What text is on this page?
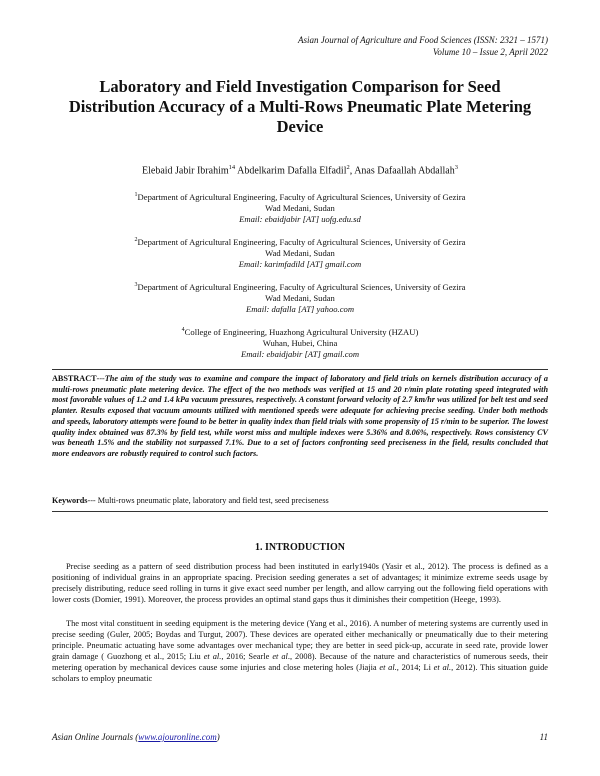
Asian Journal of Agriculture and Food Sciences (ISSN: 2321 – 1571)
Volume 10 – Issue 2, April 2022
Laboratory and Field Investigation Comparison for Seed Distribution Accuracy of a Multi-Rows Pneumatic Plate Metering Device
Elebaid Jabir Ibrahim$^{14}$ Abdelkarim Dafalla Elfadil$^2$, Anas Dafaallah Abdallah$^3$
$^1$Department of Agricultural Engineering, Faculty of Agricultural Sciences, University of Gezira
Wad Medani, Sudan
Email: ebaidjabir [AT] uofg.edu.sd
$^2$Department of Agricultural Engineering, Faculty of Agricultural Sciences, University of Gezira
Wad Medani, Sudan
Email: karimfadild [AT] gmail.com
$^3$Department of Agricultural Engineering, Faculty of Agricultural Sciences, University of Gezira
Wad Medani, Sudan
Email: dafalla [AT] yahoo.com
$^4$College of Engineering, Huazhong Agricultural University (HZAU)
Wuhan, Hubei, China
Email: ebaidjabir [AT] gmail.com

ABSTRACT---The aim of the study was to examine and compare the impact of laboratory and field trials on kernels distribution accuracy of a multi-rows pneumatic plate metering device. The effect of the two methods was verified at 15 and 20 r/min plate rotating speed integrated with most favorable values of 1.2 and 1.4 kPa vacuum pressures, respectively. A constant forward velocity of 2.7 km/hr was utilized for belt test and seed planter. Results exposed that vacuum amounts utilized with mentioned speeds were adequate for achieving precise seeding. Under both methods and speeds, laboratory attempts were found to be better in quality index than field trials with some propensity of 15 r/min to be superior. The lowest quality index obtained was 87.3% by field test, while worst miss and multiple indexes were 5.36% and 8.06%, respectively. Rows consistency CV was beneath 1.5% and the stability not surpassed 7.1%. Due to a set of factors confronting seed preciseness in the field, results concluded that more endeavors are robustly required to control such factors.

Keywords--- Multi-rows pneumatic plate, laboratory and field test, seed preciseness
1. INTRODUCTION

Precise seeding as a pattern of seed distribution process had been instituted in early1940s (Yasir et al., 2012). The process is defined as a positioning of individual grains in an appropriate spacing. Precision seeding generates a set of advantages; it minimize extreme seeds usage by precisely distributing, reduce seed rolling in turns it give exact seed number per length, and allow carrying out the following field operations with lower costs (Domier, 1991). Moreover, the process provides an optimal stand gaps thus it diminishes their competition (Heege, 1993).

The most vital constituent in seeding equipment is the metering device (Yang et al., 2016). A number of metering systems are currently used in precise seeding (Guler, 2005; Boydas and Turgut, 2007). These devices are operated either mechanically or pneumatically due to their metering principle. Pneumatic actuating have some advantages over mechanical type; they are better in seed pick-up, accurate in seed rate, provide lower grain damage ( Guozhong et al., 2015; Liu et al., 2016; Searle et al., 2008). Because of the nature and characteristics of numerous seeds, their metering operation by mechanical devices cause some injuries and close metering holes (Jiajia et al., 2014; Li et al., 2012). This situation guide scholars to employ pneumatic

Asian Online Journals (www.ajouronline.com)	11
